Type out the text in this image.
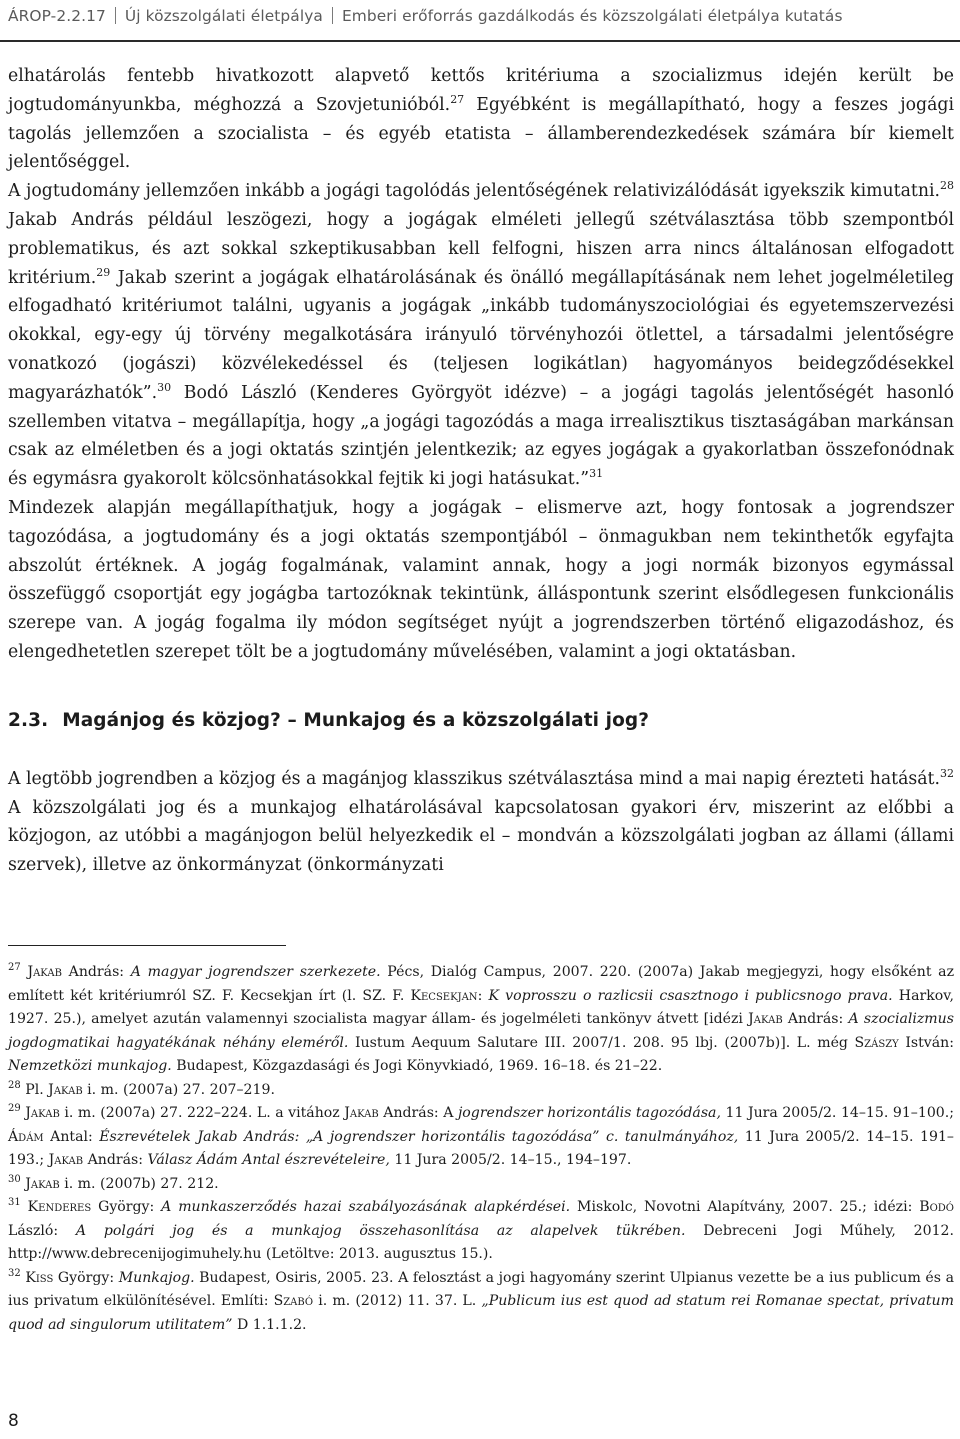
ÁROP-2.2.17 Új közszolgálati életpálya Emberi erőforrás gazdálkodás és közszolgálati életpálya kutatás

elhatárolás fentebb hivatkozott alapvető kettős kritériuma a szocializmus idején került be jogtudományunkba, méghozzá a Szovjetunióból.$^{27}$ Egyébként is megállapítható, hogy a feszes jogági tagolás jellemzően a szocialista – és egyéb etatista – államberendezkedések számára bír kiemelt jelentőséggel.

A jogtudomány jellemzően inkább a jogági tagolódás jelentőségének relativizálódását igyekszik kimutatni.$^{28}$ Jakab András például leszögezi, hogy a jogágak elméleti jellegű szétválasztása több szempontból problematikus, és azt sokkal szkeptikusabban kell felfogni, hiszen arra nincs általánosan elfogadott kritérium.$^{29}$ Jakab szerint a jogágak elhatárolásának és önálló megállapításának nem lehet jogelméletileg elfogadható kritériumot találni, ugyanis a jogágak „inkább tudományszociológiai és egyetemszervezési okokkal, egy-egy új törvény megalkotására irányuló törvényhozói ötlettel, a társadalmi jelentőségre vonatkozó (jogászi) közvélekedéssel és (teljesen logikátlan) hagyományos beidegződésekkel magyarázhatók”.$^{30}$ Bodó László (Kenderes Györgyöt idézve) – a jogági tagolás jelentőségét hasonló szellemben vitatva – megállapítja, hogy „a jogági tagozódás a maga irrealisztikus tisztaságában markánsan csak az elméletben és a jogi oktatás szintjén jelentkezik; az egyes jogágak a gyakorlatban összefonódnak és egymásra gyakorolt kölcsönhatásokkal fejtik ki jogi hatásukat.”$^{31}$

Mindezek alapján megállapíthatjuk, hogy a jogágak – elismerve azt, hogy fontosak a jogrendszer tagozódása, a jogtudomány és a jogi oktatás szempontjából – önmagukban nem tekinthetők egyfajta abszolút értéknek. A jogág fogalmának, valamint annak, hogy a jogi normák bizonyos egymással összefüggő csoportját egy jogágba tartozóknak tekintünk, álláspontunk szerint elsődlegesen funkcionális szerepe van. A jogág fogalma ily módon segítséget nyújt a jogrendszerben történő eligazodáshoz, és elengedhetetlen szerepet tölt be a jogtudomány művelésében, valamint a jogi oktatásban.

2.3. Magánjog és közjog? – Munkajog és a közszolgálati jog?

A legtöbb jogrendben a közjog és a magánjog klasszikus szétválasztása mind a mai napig érezteti hatását.$^{32}$ A közszolgálati jog és a munkajog elhatárolásával kapcsolatosan gyakori érv, miszerint az előbbi a közjogon, az utóbbi a magánjogon belül helyezkedik el – mondván a közszolgálati jogban az állami (állami szervek), illetve az önkormányzat (önkormányzati

$^{27}$ Jakab András: A magyar jogrendszer szerkezete. Pécs, Dialóg Campus, 2007. 220. (2007a) Jakab megjegyzi, hogy elsőként az említett két kritériumról SZ. F. Kecsekjan írt (l. SZ. F. Kecsekjan: K voprosszu o razlicsii csasztnogo i publicsnogo prava. Harkov, 1927. 25.), amelyet azután valamennyi szocialista magyar állam- és jogelméleti tankönyv átvett [idézi Jakab András: A szocializmus jogdogmatikai hagyatékának néhány eleméről. Iustum Aequum Salutare III. 2007/1. 208. 95 lbj. (2007b)]. L. még Szászy István: Nemzetközi munkajog. Budapest, Közgazdasági és Jogi Könyvkiadó, 1969. 16–18. és 21–22.

$^{28}$ Pl. Jakab i. m. (2007a) 27. 207–219.

$^{29}$ Jakab i. m. (2007a) 27. 222–224. L. a vitához Jakab András: A jogrendszer horizontális tagozódása, 11 Jura 2005/2. 14–15. 91–100.; Ádám Antal: Észrevételek Jakab András: „A jogrendszer horizontális tagozódása” c. tanulmányához, 11 Jura 2005/2. 14–15. 191–193.; Jakab András: Válasz Ádám Antal észrevételeire, 11 Jura 2005/2. 14–15., 194–197.

$^{30}$ Jakab i. m. (2007b) 27. 212.

$^{31}$ Kenderes György: A munkaszerződés hazai szabályozásának alapkérdései. Miskolc, Novotni Alapítvány, 2007. 25.; idézi: Bodó László: A polgári jog és a munkajog összehasonlítása az alapelvek tükrében. Debreceni Jogi Műhely, 2012. http://www.debrecenijogimuhely.hu (Letöltve: 2013. augusztus 15.).

$^{32}$ Kiss György: Munkajog. Budapest, Osiris, 2005. 23. A felosztást a jogi hagyomány szerint Ulpianus vezette be a ius publicum és a ius privatum elkülönítésével. Említi: Szabó i. m. (2012) 11. 37. L. „Publicum ius est quod ad statum rei Romanae spectat, privatum quod ad singulorum utilitatem” D 1.1.1.2.

8
